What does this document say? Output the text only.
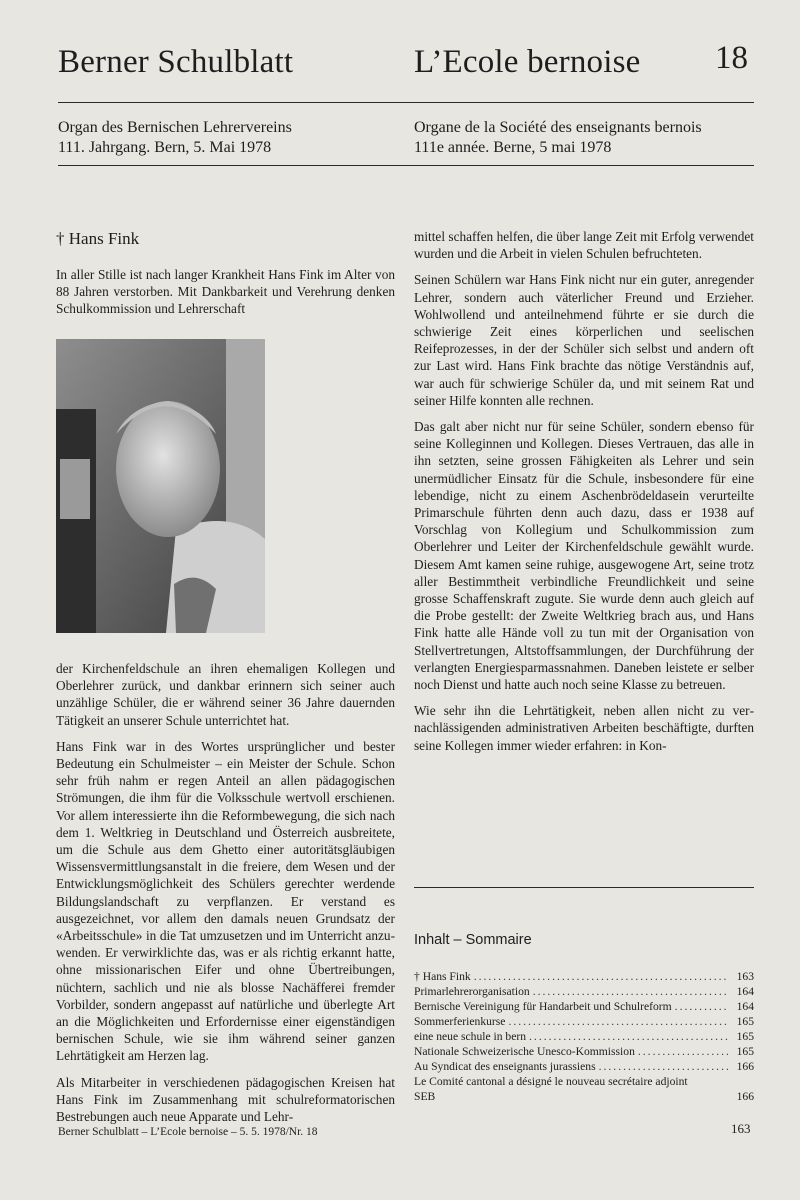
Berner Schulblatt	L’Ecole bernoise 18
Organ des Bernischen Lehrervereins
111. Jahrgang. Bern, 5. Mai 1978
Organe de la Société des enseignants bernois
111e année. Berne, 5 mai 1978
† Hans Fink

In aller Stille ist nach langer Krankheit Hans Fink im Alter von 88 Jahren verstorben. Mit Dankbarkeit und Verehrung denken Schulkommission und Lehrerschaft

der Kirchenfeldschule an ihren ehemaligen Kollegen und Oberlehrer zurück, und dankbar erinnern sich seiner auch unzählige Schüler, die er während seiner 36 Jahre dauernden Tätigkeit an unserer Schule unterrichtet hat.

Hans Fink war in des Wortes ursprünglicher und bester Bedeutung ein Schulmeister – ein Meister der Schule. Schon sehr früh nahm er regen Anteil an allen pädagogischen Strömungen, die ihm für die Volksschule wertvoll erschienen. Vor allem interessierte ihn die Reformbewegung, die sich nach dem 1. Weltkrieg in Deutschland und Österreich ausbreitete, um die Schule aus dem Ghetto einer autoritätsgläubigen Wissensvermittlungsanstalt in die freiere, dem Wesen und der Entwicklungsmöglichkeit des Schülers gerechter werdende Bildungslandschaft zu verpflanzen. Er verstand es ausgezeichnet, vor allem den damals neuen Grundsatz der «Arbeitsschule» in die Tat umzusetzen und im Unterricht anzuwenden. Er verwirklichte das, was er als richtig erkannt hatte, ohne missionarischen Eifer und ohne Übertreibungen, nüchtern, sachlich und nie als blosse Nachäfferei fremder Vorbilder, sondern angepasst auf natürliche und überlegte Art an die Möglichkeiten und Erfordernisse einer eigenständigen bernischen Schule, wie sie ihm während seiner ganzen Lehrtätigkeit am Herzen lag.

Als Mitarbeiter in verschiedenen pädagogischen Kreisen hat Hans Fink im Zusammenhang mit schulreformatorischen Bestrebungen auch neue Apparate und Lehr-

mittel schaffen helfen, die über lange Zeit mit Erfolg verwendet wurden und die Arbeit in vielen Schulen befruchteten.

Seinen Schülern war Hans Fink nicht nur ein guter, anregender Lehrer, sondern auch väterlicher Freund und Erzieher. Wohlwollend und anteilnehmend führte er sie durch die schwierige Zeit eines körperlichen und seelischen Reifeprozesses, in der der Schüler sich selbst und andern oft zur Last wird. Hans Fink brachte das nötige Verständnis auf, war auch für schwierige Schüler da, und mit seinem Rat und seiner Hilfe konnten alle rechnen.

Das galt aber nicht nur für seine Schüler, sondern ebenso für seine Kolleginnen und Kollegen. Dieses Vertrauen, das alle in ihn setzten, seine grossen Fähigkeiten als Lehrer und sein unermüdlicher Einsatz für die Schule, insbesondere für eine lebendige, nicht zu einem Aschenbrödeldasein verurteilte Primarschule führten denn auch dazu, dass er 1938 auf Vorschlag von Kollegium und Schulkommission zum Oberlehrer und Leiter der Kirchenfeldschule gewählt wurde. Diesem Amt kamen seine ruhige, ausgewogene Art, seine trotz aller Bestimmtheit verbindliche Freundlichkeit und seine grosse Schaffenskraft zugute. Sie wurde denn auch gleich auf die Probe gestellt: der Zweite Weltkrieg brach aus, und Hans Fink hatte alle Hände voll zu tun mit der Organisation von Stellvertretungen, Altstoffsammlungen, der Durchführung der verlangten Energiesparmassnahmen. Daneben leistete er selber noch Dienst und hatte auch noch seine Klasse zu betreuen.

Wie sehr ihn die Lehrtätigkeit, neben allen nicht zu vernachlässigenden administrativen Arbeiten beschäftigte, durften seine Kollegen immer wieder erfahren: in Kon-

Inhalt – Sommaire
† Hans Fink .....	163
Primarlehrerorganisation .....	164
Bernische Vereinigung für Handarbeit und Schulreform .....	164
Sommerferienkurse .....	165
eine neue schule in bern .....	165
Nationale Schweizerische Unesco-Kommission .....	165
Au Syndicat des enseignants jurassiens .....	166
Le Comité cantonal a désigné le nouveau secrétaire adjoint SEB	166
Berner Schulblatt – L’Ecole bernoise – 5. 5. 1978/Nr. 18	163
